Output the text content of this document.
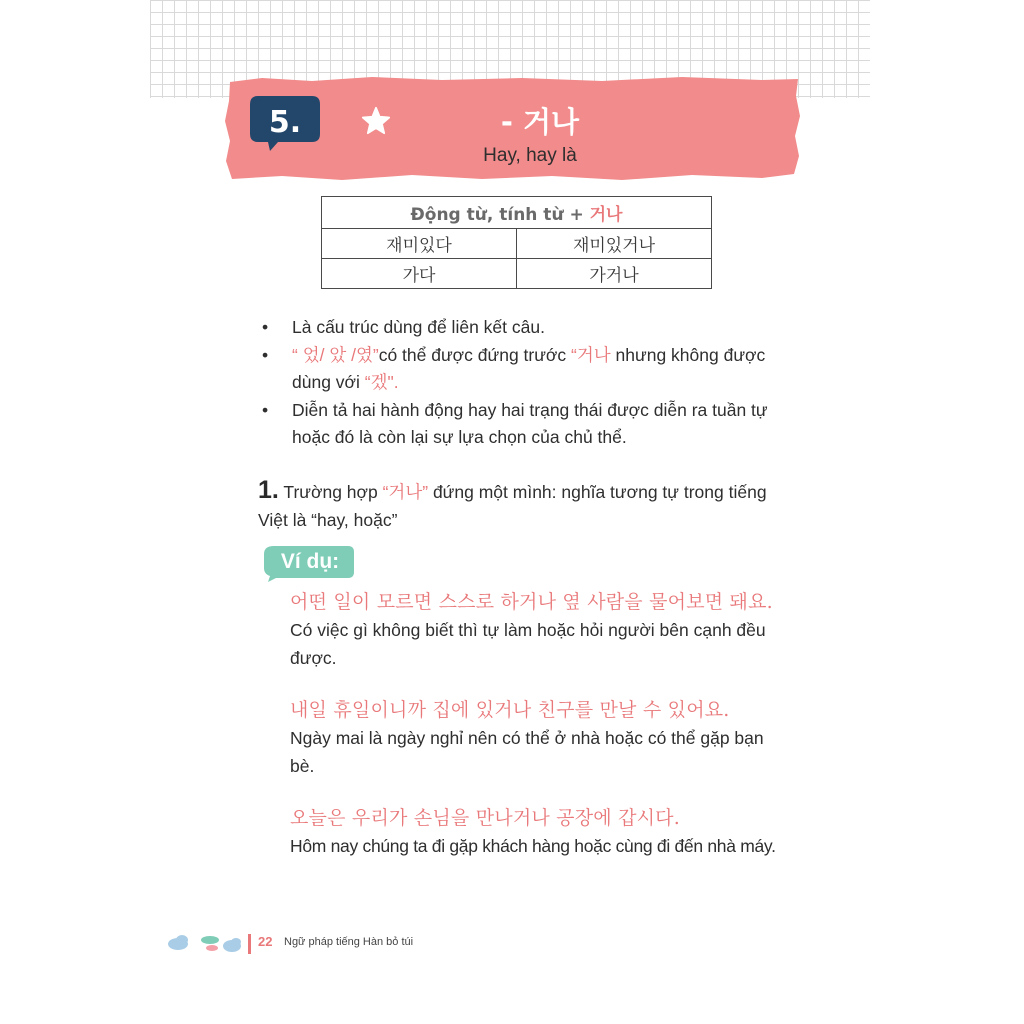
5.	- 거나
Hay, hay là
Động từ, tính từ + 거나	
재미있다	재미있거나
가다	가거나
• Là cấu trúc dùng để liên kết câu.
• “ 었/ 았 /였”có thể được đứng trước “거나 nhưng không được dùng với “겠".
• Diễn tả hai hành động hay hai trạng thái được diễn ra tuần tự hoặc đó là còn lại sự lựa chọn của chủ thể.
1. Trường hợp “거나” đứng một mình: nghĩa tương tự trong tiếng Việt là “hay, hoặc”
Ví dụ:
어떤 일이 모르면 스스로 하거나 옆 사람을 물어보면 돼요.
Có việc gì không biết thì tự làm hoặc hỏi người bên cạnh đều được.
내일 휴일이니까 집에 있거나 친구를 만날 수 있어요.
Ngày mai là ngày nghỉ nên có thể ở nhà hoặc có thể gặp bạn bè.
오늘은 우리가 손님을 만나거나 공장에 갑시다.
Hôm nay chúng ta đi gặp khách hàng hoặc cùng đi đến nhà máy.
22 Ngữ pháp tiếng Hàn bỏ túi
